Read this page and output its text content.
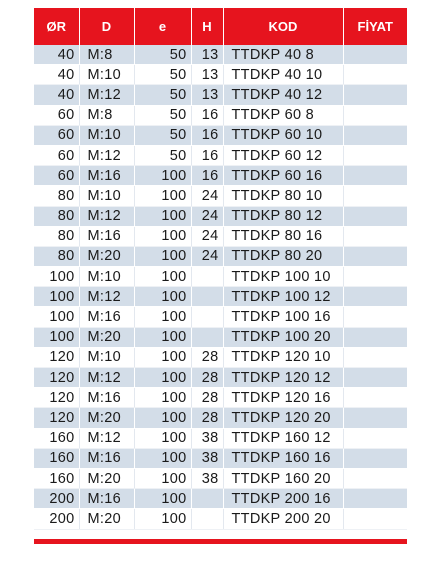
ØR	D	e	H	KOD	FİYAT
40	M:8	50	13	TTDKP 40 8	
40	M:10	50	13	TTDKP 40 10	
40	M:12	50	13	TTDKP 40 12	
60	M:8	50	16	TTDKP 60 8	
60	M:10	50	16	TTDKP 60 10	
60	M:12	50	16	TTDKP 60 12	
60	M:16	100	16	TTDKP 60 16	
80	M:10	100	24	TTDKP 80 10	
80	M:12	100	24	TTDKP 80 12	
80	M:16	100	24	TTDKP 80 16	
80	M:20	100	24	TTDKP 80 20	
100	M:10	100		TTDKP 100 10	
100	M:12	100		TTDKP 100 12	
100	M:16	100		TTDKP 100 16	
100	M:20	100		TTDKP 100 20	
120	M:10	100	28	TTDKP 120 10	
120	M:12	100	28	TTDKP 120 12	
120	M:16	100	28	TTDKP 120 16	
120	M:20	100	28	TTDKP 120 20	
160	M:12	100	38	TTDKP 160 12	
160	M:16	100	38	TTDKP 160 16	
160	M:20	100	38	TTDKP 160 20	
200	M:16	100		TTDKP 200 16	
200	M:20	100		TTDKP 200 20	
